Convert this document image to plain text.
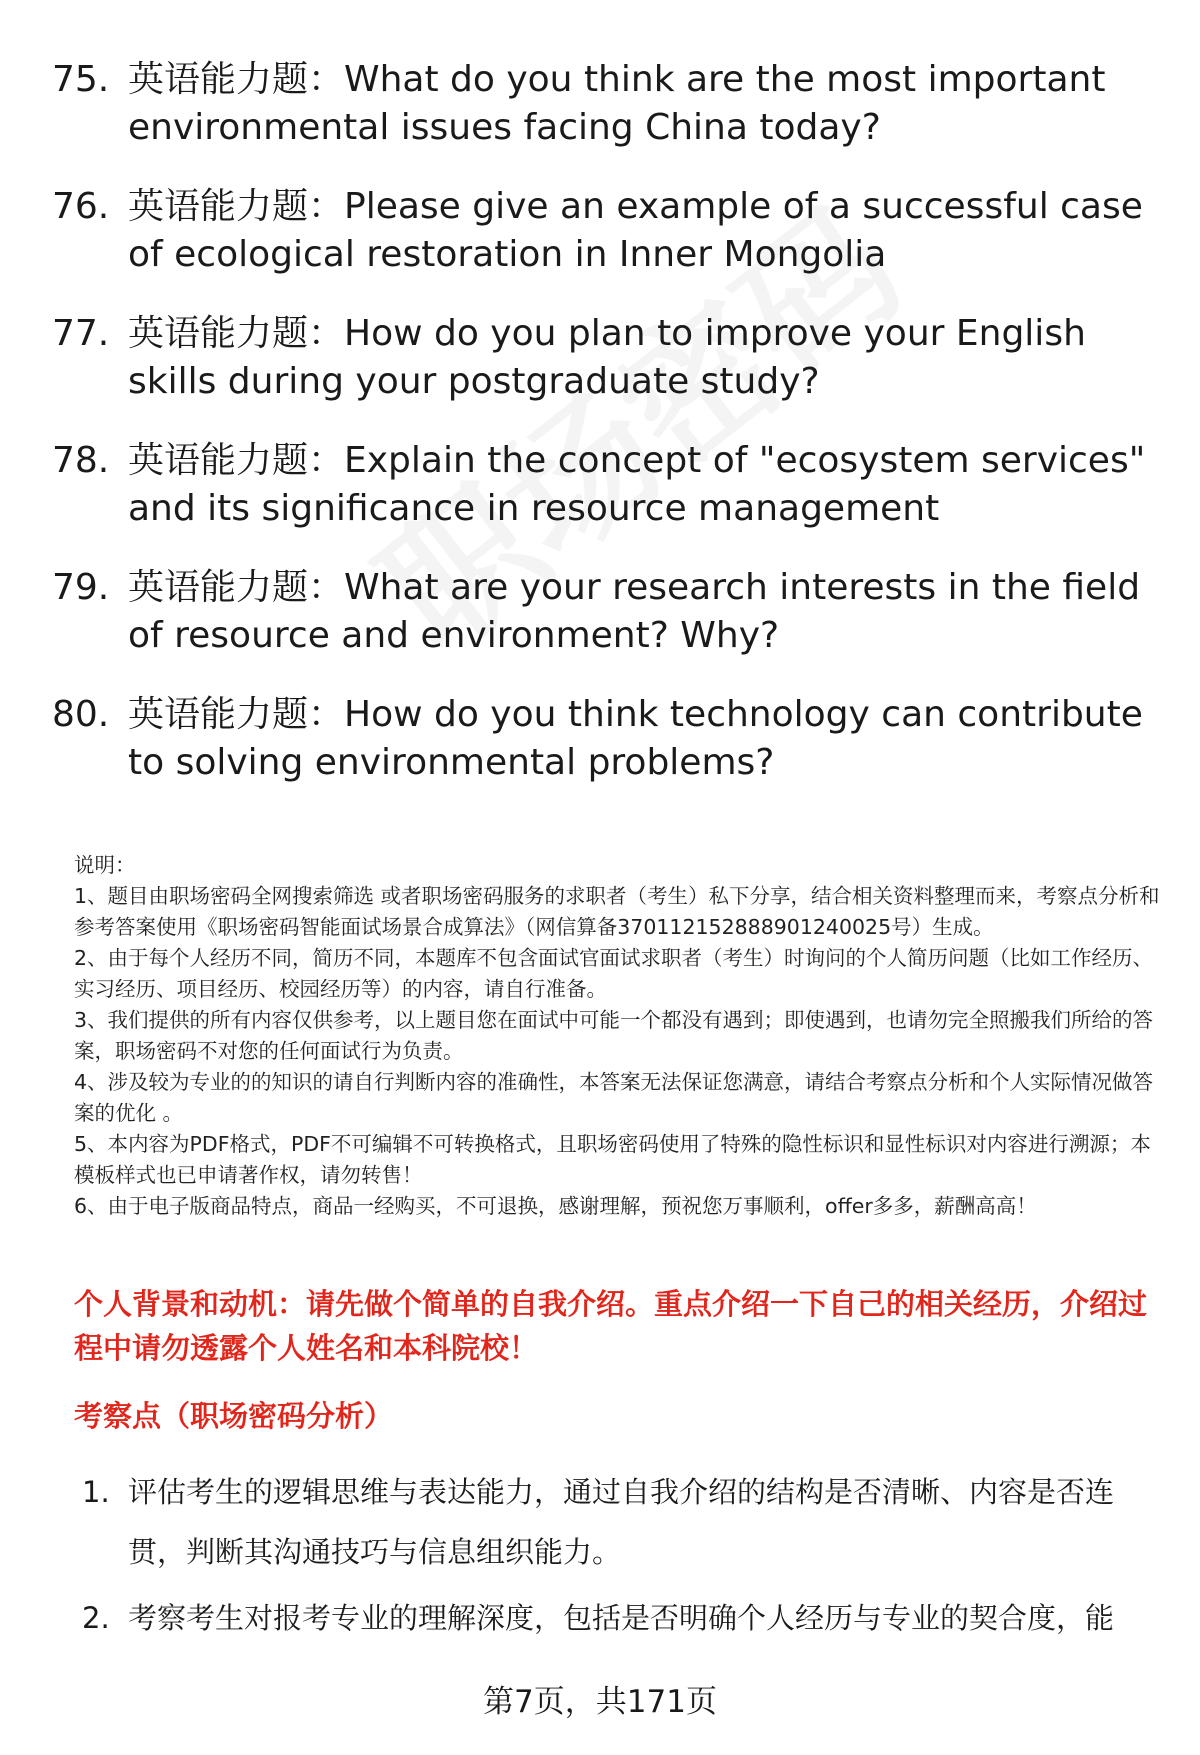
75. 英语能力题：What do you think are the most important environmental issues facing China today?
76. 英语能力题：Please give an example of a successful case of ecological restoration in Inner Mongolia
77. 英语能力题：How do you plan to improve your English skills during your postgraduate study?
78. 英语能力题：Explain the concept of "ecosystem services" and its significance in resource management
79. 英语能力题：What are your research interests in the field of resource and environment? Why?
80. 英语能力题：How do you think technology can contribute to solving environmental problems?

说明：

1、题目由职场密码全网搜索筛选 或者职场密码服务的求职者（考生）私下分享，结合相关资料整理而来，考察点分析和参考答案使用《职场密码智能面试场景合成算法》（网信算备370112152888901240025号）生成。

2、由于每个人经历不同，简历不同，本题库不包含面试官面试求职者（考生）时询问的个人简历问题（比如工作经历、实习经历、项目经历、校园经历等）的内容，请自行准备。

3、我们提供的所有内容仅供参考，以上题目您在面试中可能一个都没有遇到；即使遇到，也请勿完全照搬我们所给的答案，职场密码不对您的任何面试行为负责。

4、涉及较为专业的的知识的请自行判断内容的准确性，本答案无法保证您满意，请结合考察点分析和个人实际情况做答案的优化 。

5、本内容为PDF格式，PDF不可编辑不可转换格式，且职场密码使用了特殊的隐性标识和显性标识对内容进行溯源；本模板样式也已申请著作权，请勿转售！

6、由于电子版商品特点，商品一经购买，不可退换，感谢理解，预祝您万事顺利，offer多多，薪酬高高！

个人背景和动机：请先做个简单的自我介绍。重点介绍一下自己的相关经历，介绍过程中请勿透露个人姓名和本科院校！
考察点（职场密码分析）
1. 评估考生的逻辑思维与表达能力，通过自我介绍的结构是否清晰、内容是否连贯，判断其沟通技巧与信息组织能力。
2. 考察考生对报考专业的理解深度，包括是否明确个人经历与专业的契合度，能
第7页，共171页
